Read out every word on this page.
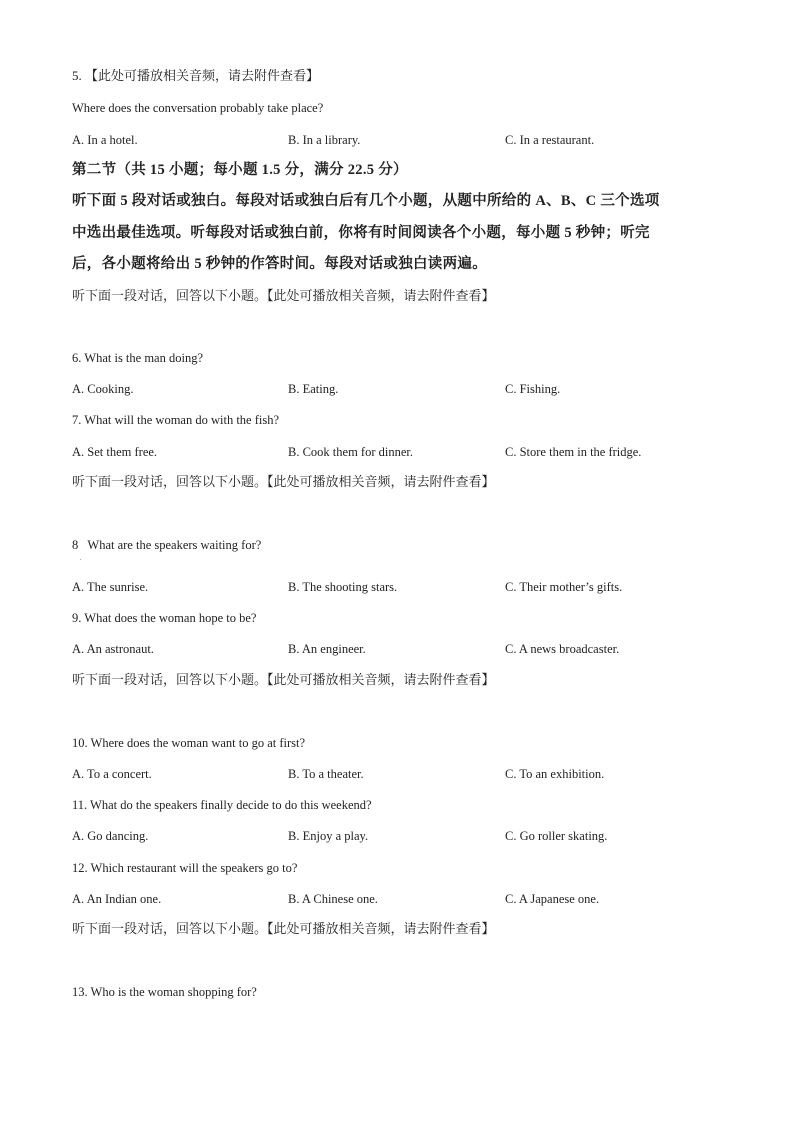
5. 【此处可播放相关音频，请去附件查看】
Where does the conversation probably take place?
A. In a hotel.	B. In a library.	C. In a restaurant.
第二节（共 15 小题；每小题 1.5 分，满分 22.5 分）
听下面 5 段对话或独白。每段对话或独白后有几个小题，从题中所给的 A、B、C 三个选项
中选出最佳选项。听每段对话或独白前，你将有时间阅读各个小题，每小题 5 秒钟；听完
后，各小题将给出 5 秒钟的作答时间。每段对话或独白读两遍。
听下面一段对话，回答以下小题。【此处可播放相关音频，请去附件查看】
6. What is the man doing?
A. Cooking.	B. Eating.	C. Fishing.
7. What will the woman do with the fish?
A. Set them free.	B. Cook them for dinner.	C. Store them in the fridge.
听下面一段对话，回答以下小题。【此处可播放相关音频，请去附件查看】
8   What are the speakers waiting for?
.
A. The sunrise.	B. The shooting stars.	C. Their mother’s gifts.
9. What does the woman hope to be?
A. An astronaut.	B. An engineer.	C. A news broadcaster.
听下面一段对话，回答以下小题。【此处可播放相关音频，请去附件查看】
10. Where does the woman want to go at first?
A. To a concert.	B. To a theater.	C. To an exhibition.
11. What do the speakers finally decide to do this weekend?
A. Go dancing.	B. Enjoy a play.	C. Go roller skating.
12. Which restaurant will the speakers go to?
A. An Indian one.	B. A Chinese one.	C. A Japanese one.
听下面一段对话，回答以下小题。【此处可播放相关音频，请去附件查看】
13. Who is the woman shopping for?
